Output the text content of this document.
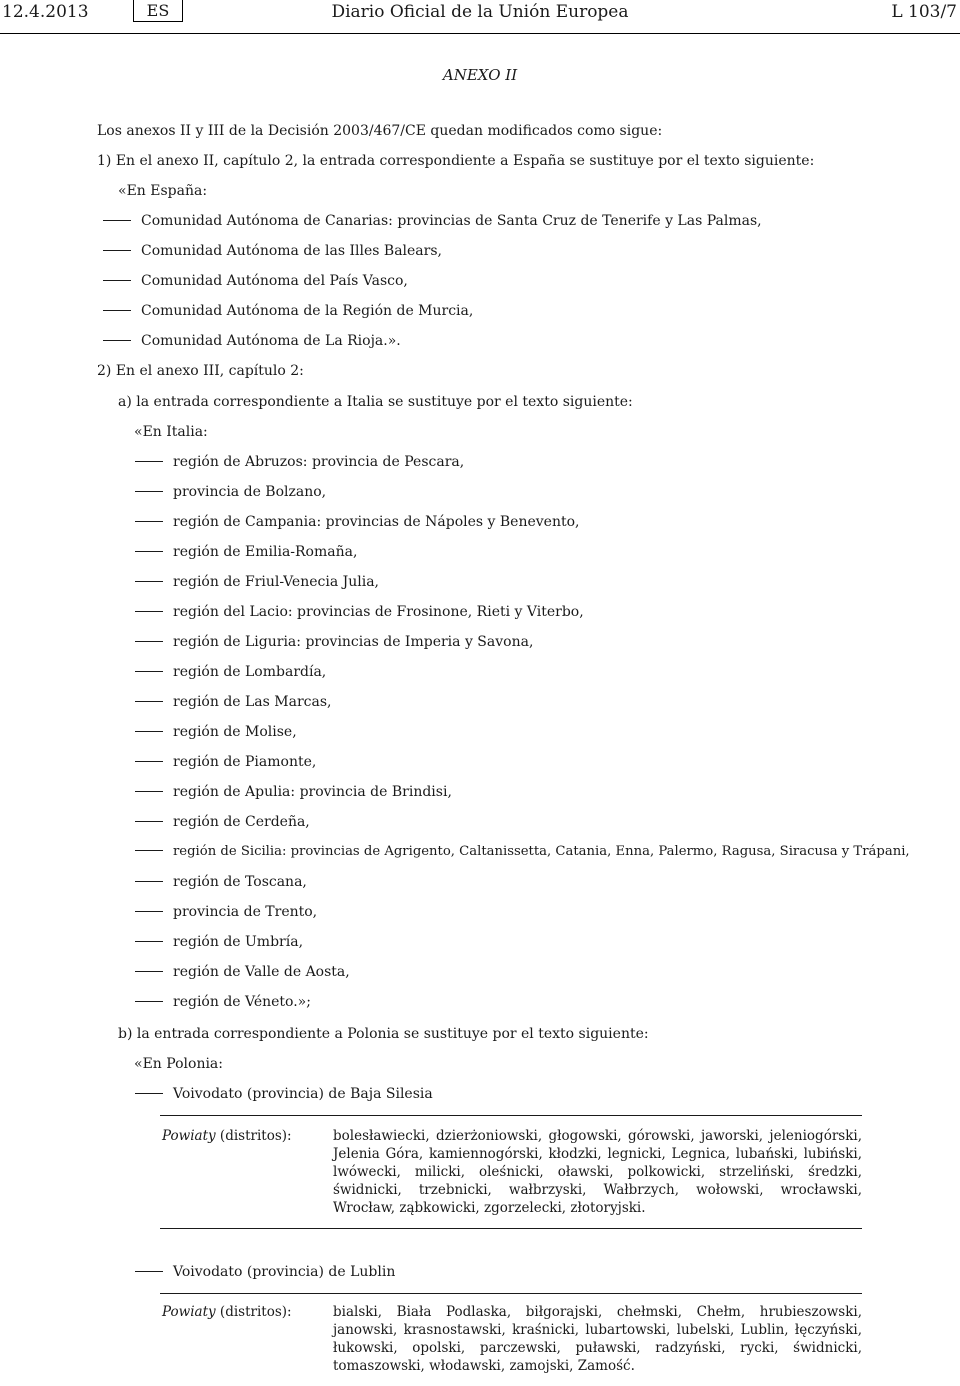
12.4.2013	ES	Diario Oficial de la Unión Europea	L 103/7
ANEXO II
Los anexos II y III de la Decisión 2003/467/CE quedan modificados como sigue:
1) En el anexo II, capítulo 2, la entrada correspondiente a España se sustituye por el texto siguiente:
«En España:
Comunidad Autónoma de Canarias: provincias de Santa Cruz de Tenerife y Las Palmas,
Comunidad Autónoma de las Illes Balears,
Comunidad Autónoma del País Vasco,
Comunidad Autónoma de la Región de Murcia,
Comunidad Autónoma de La Rioja.».
2) En el anexo III, capítulo 2:
a) la entrada correspondiente a Italia se sustituye por el texto siguiente:
«En Italia:
región de Abruzos: provincia de Pescara,
provincia de Bolzano,
región de Campania: provincias de Nápoles y Benevento,
región de Emilia-Romaña,
región de Friul-Venecia Julia,
región del Lacio: provincias de Frosinone, Rieti y Viterbo,
región de Liguria: provincias de Imperia y Savona,
región de Lombardía,
región de Las Marcas,
región de Molise,
región de Piamonte,
región de Apulia: provincia de Brindisi,
región de Cerdeña,
región de Sicilia: provincias de Agrigento, Caltanissetta, Catania, Enna, Palermo, Ragusa, Siracusa y Trápani,
región de Toscana,
provincia de Trento,
región de Umbría,
región de Valle de Aosta,
región de Véneto.»;
b) la entrada correspondiente a Polonia se sustituye por el texto siguiente:
«En Polonia:
Voivodato (provincia) de Baja Silesia
Powiaty (distritos):	bolesławiecki, dzierżoniowski, głogowski, górowski, jaworski, jeleniogórski, Jelenia Góra, kamiennogórski, kłodzki, legnicki, Legnica, lubański, lubiński, lwówecki, milicki, oleśnicki, oławski, polkowicki, strzeliński, średzki, świdnicki, trzebnicki, wałbrzyski, Wałbrzych, wołowski, wrocławski, Wrocław, ząbkowicki, zgorzelecki, złotoryjski.
Voivodato (provincia) de Lublin
Powiaty (distritos):	bialski, Biała Podlaska, biłgorajski, chełmski, Chełm, hrubieszowski, janowski, krasnostawski, kraśnicki, lubartowski, lubelski, Lublin, łęczyński, łukowski, opolski, parczewski, puławski, radzyński, rycki, świdnicki, tomaszowski, włodawski, zamojski, Zamość.
